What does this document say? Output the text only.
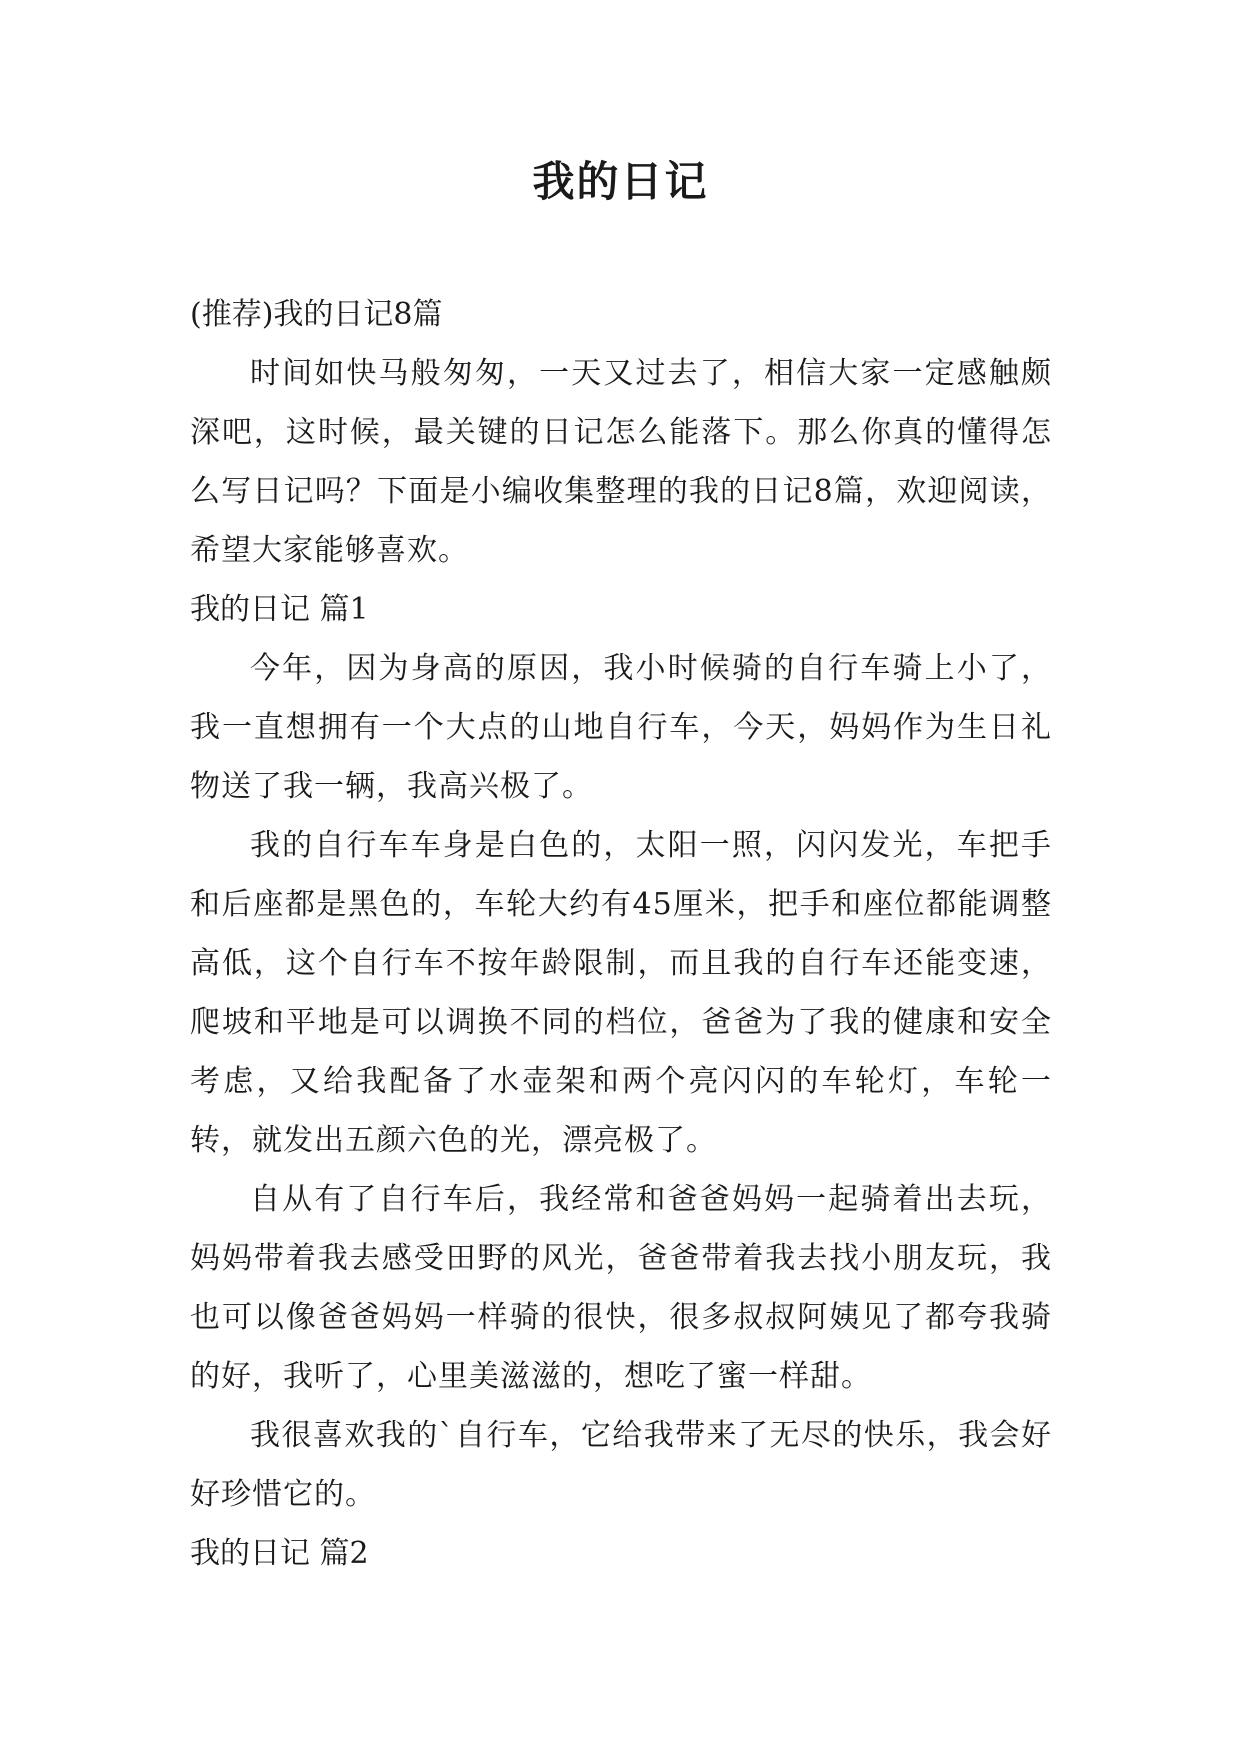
我的日记

(推荐)我的日记8篇

时间如快马般匆匆，一天又过去了，相信大家一定感触颇深吧，这时候，最关键的日记怎么能落下。那么你真的懂得怎么写日记吗？下面是小编收集整理的我的日记8篇，欢迎阅读，希望大家能够喜欢。

我的日记 篇1

今年，因为身高的原因，我小时候骑的自行车骑上小了，我一直想拥有一个大点的山地自行车，今天，妈妈作为生日礼物送了我一辆，我高兴极了。

我的自行车车身是白色的，太阳一照，闪闪发光，车把手和后座都是黑色的，车轮大约有45厘米，把手和座位都能调整高低，这个自行车不按年龄限制，而且我的自行车还能变速，爬坡和平地是可以调换不同的档位，爸爸为了我的健康和安全考虑，又给我配备了水壶架和两个亮闪闪的车轮灯，车轮一转，就发出五颜六色的光，漂亮极了。

自从有了自行车后，我经常和爸爸妈妈一起骑着出去玩，妈妈带着我去感受田野的风光，爸爸带着我去找小朋友玩，我也可以像爸爸妈妈一样骑的很快，很多叔叔阿姨见了都夸我骑的好，我听了，心里美滋滋的，想吃了蜜一样甜。

我很喜欢我的`自行车，它给我带来了无尽的快乐，我会好好珍惜它的。

我的日记 篇2
